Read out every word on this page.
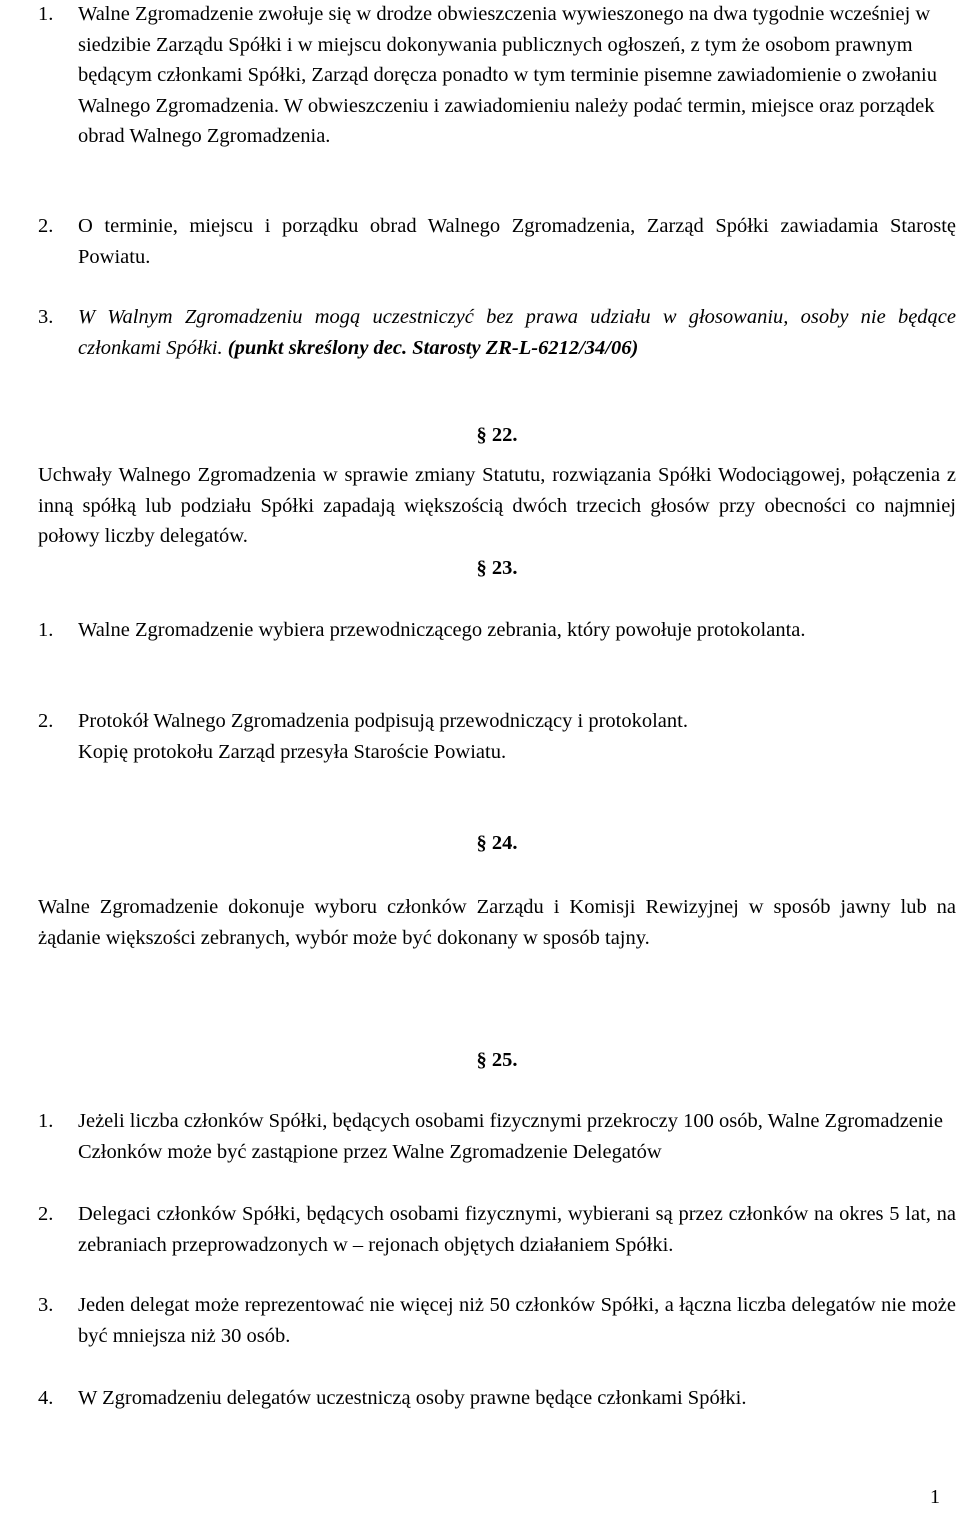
1. Walne Zgromadzenie zwołuje się w drodze obwieszczenia wywieszonego na dwa tygodnie wcześniej w siedzibie Zarządu Spółki i w miejscu dokonywania publicznych ogłoszeń, z tym że osobom prawnym będącym członkami Spółki, Zarząd doręcza ponadto w tym terminie pisemne zawiadomienie o zwołaniu Walnego Zgromadzenia. W obwieszczeniu i zawiadomieniu należy podać termin, miejsce oraz porządek obrad Walnego Zgromadzenia.
2. O terminie, miejscu i porządku obrad Walnego Zgromadzenia, Zarząd Spółki zawiadamia Starostę Powiatu.
3. W Walnym Zgromadzeniu mogą uczestniczyć bez prawa udziału w głosowaniu, osoby nie będące członkami Spółki. (punkt skreślony dec. Starosty ZR-L-6212/34/06)
§ 22.
Uchwały Walnego Zgromadzenia w sprawie zmiany Statutu, rozwiązania Spółki Wodociągowej, połączenia z inną spółką lub podziału Spółki zapadają większością dwóch trzecich głosów przy obecności co najmniej połowy liczby delegatów.
§ 23.
1. Walne Zgromadzenie wybiera przewodniczącego zebrania, który powołuje protokolanta.
2. Protokół Walnego Zgromadzenia podpisują przewodniczący i protokolant.
Kopię protokołu Zarząd przesyła Staroście Powiatu.
§ 24.
Walne Zgromadzenie dokonuje wyboru członków Zarządu i Komisji Rewizyjnej w sposób jawny lub na żądanie większości zebranych, wybór może być dokonany w sposób tajny.
§ 25.
1. Jeżeli liczba członków Spółki, będących osobami fizycznymi przekroczy 100 osób, Walne Zgromadzenie Członków może być zastąpione przez Walne Zgromadzenie Delegatów
2. Delegaci członków Spółki, będących osobami fizycznymi, wybierani są przez członków na okres 5 lat, na zebraniach przeprowadzonych w – rejonach objętych działaniem Spółki.
3. Jeden delegat może reprezentować nie więcej niż 50 członków Spółki, a łączna liczba delegatów nie może być mniejsza niż 30 osób.
4. W Zgromadzeniu delegatów uczestniczą osoby prawne będące członkami Spółki.
1
